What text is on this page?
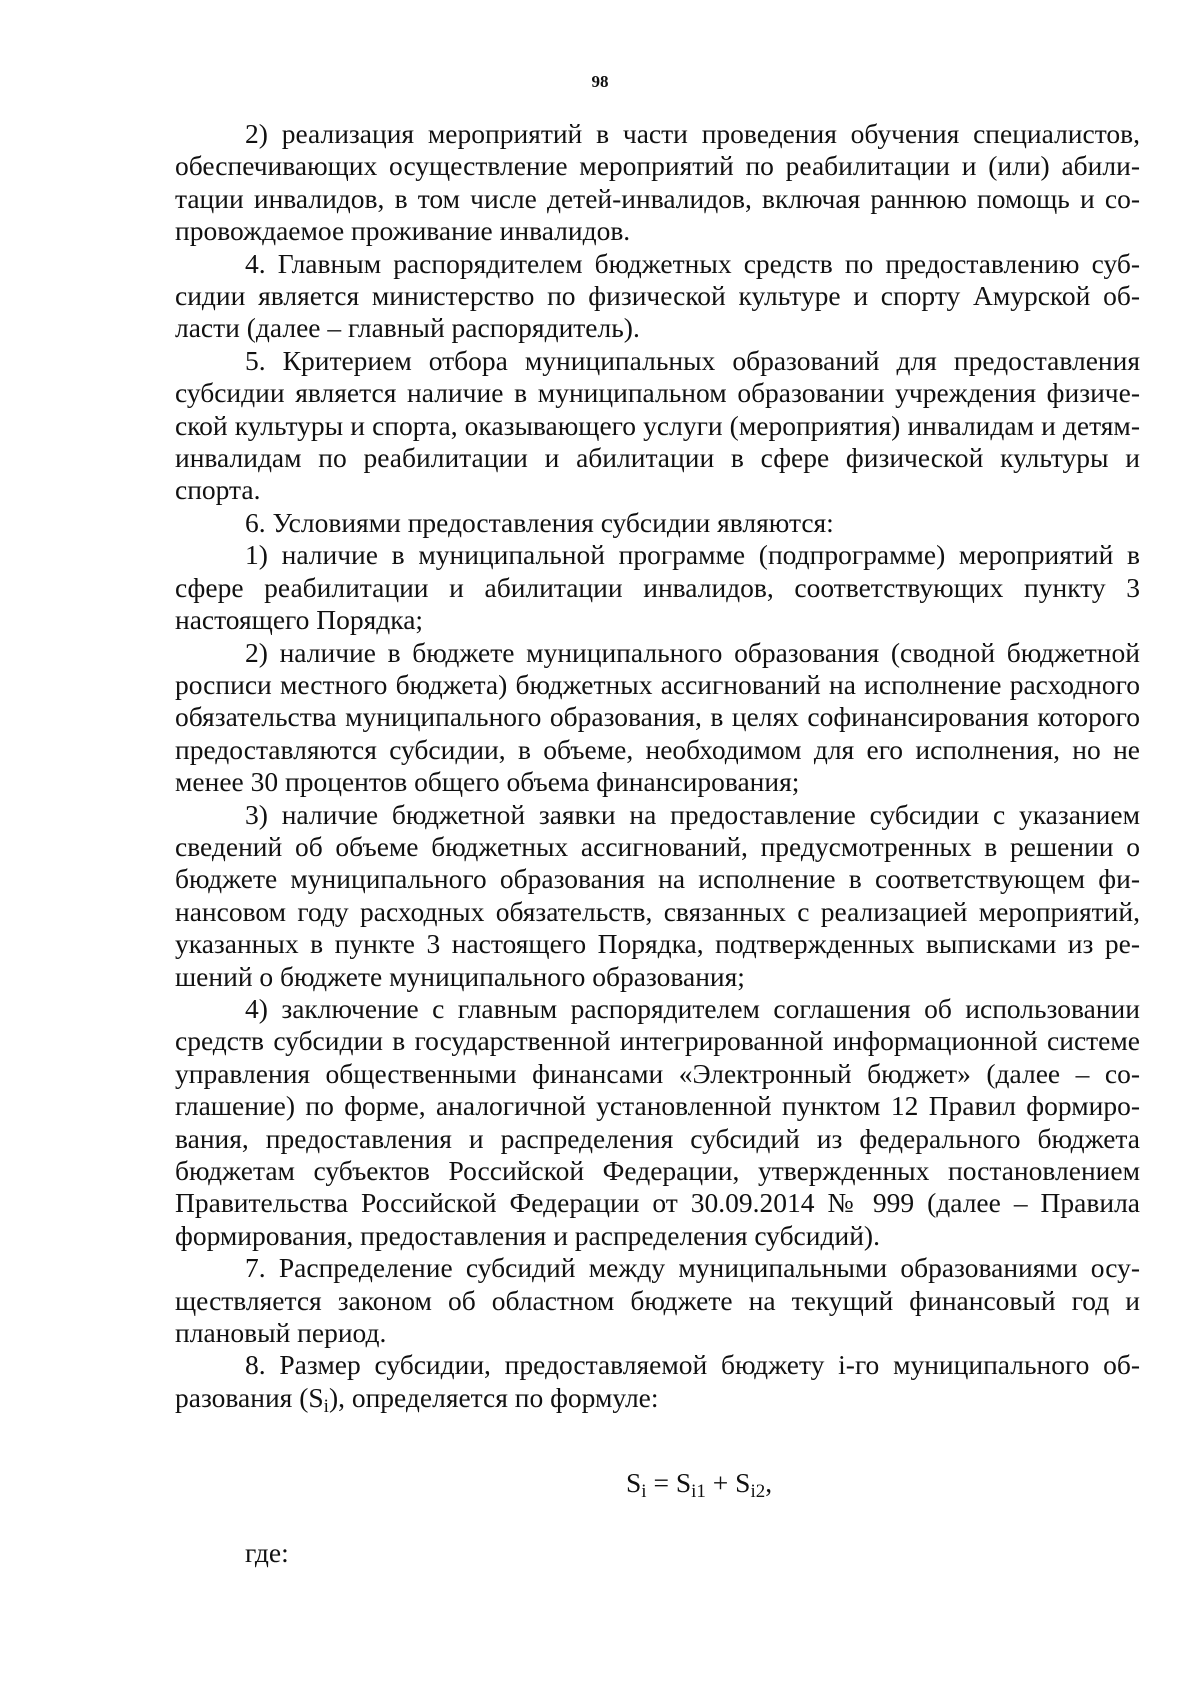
98

2) реализация мероприятий в части проведения обучения специалистов, обеспечивающих осуществление мероприятий по реабилитации и (или) абилитации инвалидов, в том числе детей-инвалидов, включая раннюю помощь и сопровождаемое проживание инвалидов.

4. Главным распорядителем бюджетных средств по предоставлению субсидии является министерство по физической культуре и спорту Амурской области (далее – главный распорядитель).

5. Критерием отбора муниципальных образований для предоставления субсидии является наличие в муниципальном образовании учреждения физической культуры и спорта, оказывающего услуги (мероприятия) инвалидам и детям-инвалидам по реабилитации и абилитации в сфере физической культуры и спорта.

6. Условиями предоставления субсидии являются:

1) наличие в муниципальной программе (подпрограмме) мероприятий в сфере реабилитации и абилитации инвалидов, соответствующих пункту 3 настоящего Порядка;

2) наличие в бюджете муниципального образования (сводной бюджетной росписи местного бюджета) бюджетных ассигнований на исполнение расходного обязательства муниципального образования, в целях софинансирования которого предоставляются субсидии, в объеме, необходимом для его исполнения, но не менее 30 процентов общего объема финансирования;

3) наличие бюджетной заявки на предоставление субсидии с указанием сведений об объеме бюджетных ассигнований, предусмотренных в решении о бюджете муниципального образования на исполнение в соответствующем финансовом году расходных обязательств, связанных с реализацией мероприятий, указанных в пункте 3 настоящего Порядка, подтвержденных выписками из решений о бюджете муниципального образования;

4) заключение с главным распорядителем соглашения об использовании средств субсидии в государственной интегрированной информационной системе управления общественными финансами «Электронный бюджет» (далее – соглашение) по форме, аналогичной установленной пунктом 12 Правил формирования, предоставления и распределения субсидий из федерального бюджета бюджетам субъектов Российской Федерации, утвержденных постановлением Правительства Российской Федерации от 30.09.2014 № 999 (далее – Правила формирования, предоставления и распределения субсидий).

7. Распределение субсидий между муниципальными образованиями осуществляется законом об областном бюджете на текущий финансовый год и плановый период.

8. Размер субсидии, предоставляемой бюджету i-го муниципального образования $(S_i)$, определяется по формуле:

$S_i = S_{i1} + S_{i2}$,
где:
